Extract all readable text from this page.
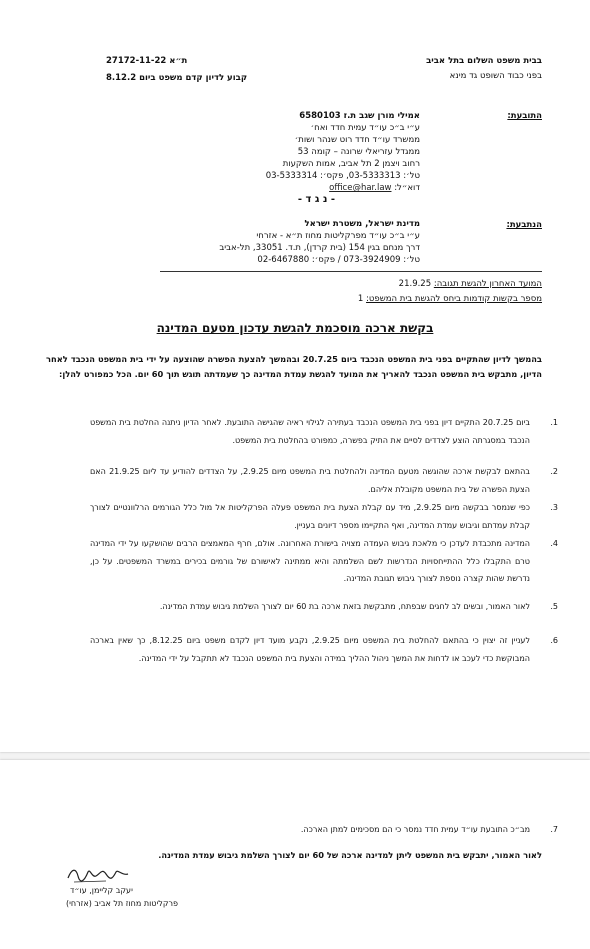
בבית משפט השלום בתל אביב
בפני כבוד השופט גד מינא
ת״א 27172-11-22
קבוע לדיון קדם משפט ביום 8.12.2
התובעת:
אמילי מורן שגב ת.ז 6580103
ע״י ב״כ עו״ד עמית חדד ואח׳
ממשרד עו״ד חדד רוט שנהר ושות׳
ממגדל עזריאלי שרונה – קומה 53
רחוב ויצמן 2 תל אביב, אמות השקעות
טל׳: 03-5333313, פקס׳: 03-5333314
דוא״ל: office@har.law
- נ ג ד -
הנתבעת:
מדינת ישראל, משטרת ישראל
ע״י ב״כ עו״ד מפרקליטות מחוז ת״א - אזרחי
דרך מנחם בגין 154 (בית קרדן), ת.ד. 33051, תל-אביב
טל׳: 073-3924909 / פקס׳: 02-6467880
המועד האחרון להגשת תגובה: 21.9.25
מספר בקשות קודמות ביחס להגשת בית המשפט: 1
בקשת ארכה מוסכמת להגשת עדכון מטעם המדינה
בהמשך לדיון שהתקיים בפני בית המשפט הנכבד ביום 20.7.25 ובהמשך להצעת הפשרה שהוצעה על ידי בית המשפט הנכבד לאחר הדיון, מתבקש בית המשפט הנכבד להאריך את המועד להגשת עמדת המדינה כך שעמדתה תוגש תוך 60 יום. הכל כמפורט להלן:
.1
ביום 20.7.25 התקיים דיון בפני בית המשפט הנכבד בעתירה לגילוי ראיה שהגישה התובעת. לאחר הדיון ניתנה החלטת בית המשפט הנכבד במסגרתה הוצע לצדדים לסיים את התיק בפשרה, כמפורט בהחלטת בית המשפט.
.2
בהתאם לבקשת ארכה שהוגשה מטעם המדינה ולהחלטת בית המשפט מיום 2.9.25, על הצדדים להודיע עד ליום 21.9.25 האם הצעת הפשרה של בית המשפט מקובלת אליהם.
.3
כפי שנמסר בבקשה מיום 2.9.25, מיד עם קבלת הצעת בית המשפט פעלה הפרקליטות אל מול כלל הגורמים הרלוונטיים לצורך קבלת עמדתם וגיבוש עמדת המדינה, ואף התקיימו מספר דיונים בעניין.
.4
המדינה מתכבדת לעדכן כי מלאכת גיבוש העמדה מצויה בישורת האחרונה. אולם, חרף המאמצים הרבים שהושקעו על ידי המדינה טרם התקבלו כלל ההתייחסויות הנדרשות לשם השלמתה והיא ממתינה לאישורם של גורמים בכירים במשרד המשפטים. על כן, נדרשת שהות קצרה נוספת לצורך גיבוש תגובת המדינה.
.5
לאור האמור, ובשים לב לחגים שבפתח, מתבקשת בזאת ארכה בת 60 יום לצורך השלמת גיבוש עמדת המדינה.
.6
לעניין זה יצוין כי בהתאם להחלטת בית המשפט מיום 2.9.25, נקבע מועד דיון לקדם משפט ביום 8.12.25, כך שאין בארכה המבוקשת כדי לעכב או לדחות את המשך ניהול ההליך במידה והצעת בית המשפט הנכבד לא תתקבל על ידי המדינה.
.7
מב״כ התובעת עו״ד עמית חדד נמסר כי הם מסכימים למתן הארכה.
לאור האמור, יתבקש בית המשפט ליתן למדינה ארכה של 60 יום לצורך השלמת גיבוש עמדת המדינה.
יעקב קליימן, עו״ד
פרקליטות מחוז תל אביב (אזרחי)
